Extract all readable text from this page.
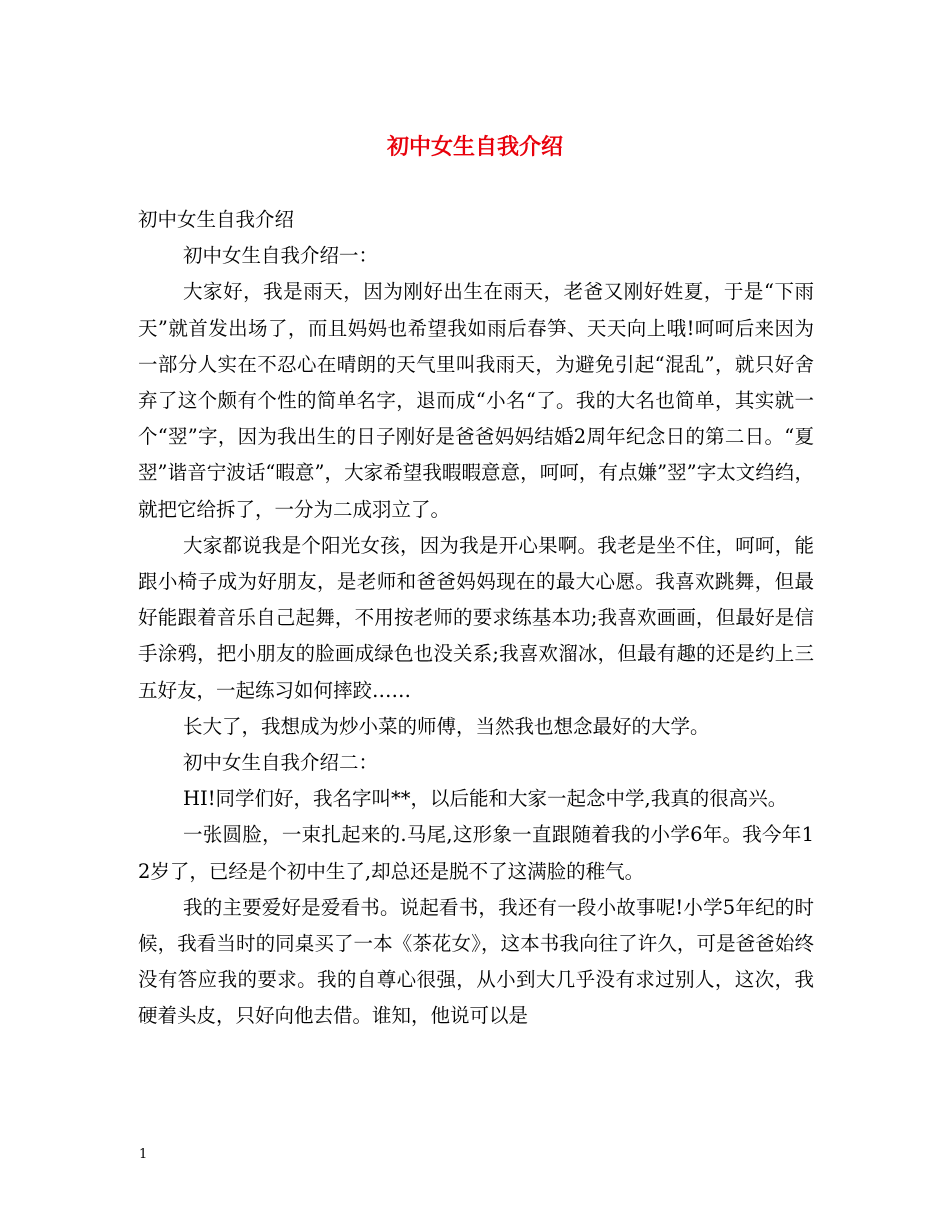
初中女生自我介绍

初中女生自我介绍

初中女生自我介绍一：

大家好，我是雨天，因为刚好出生在雨天，老爸又刚好姓夏，于是“下雨天”就首发出场了，而且妈妈也希望我如雨后春笋、天天向上哦!呵呵后来因为一部分人实在不忍心在晴朗的天气里叫我雨天，为避免引起“混乱”，就只好舍弃了这个颇有个性的简单名字，退而成“小名“了。我的大名也简单，其实就一个“翌”字，因为我出生的日子刚好是爸爸妈妈结婚2周年纪念日的第二日。“夏翌”谐音宁波话“暇意”，大家希望我暇暇意意，呵呵，有点嫌”翌”字太文绉绉，就把它给拆了，一分为二成羽立了。

大家都说我是个阳光女孩，因为我是开心果啊。我老是坐不住，呵呵，能跟小椅子成为好朋友，是老师和爸爸妈妈现在的最大心愿。我喜欢跳舞，但最好能跟着音乐自己起舞，不用按老师的要求练基本功;我喜欢画画，但最好是信手涂鸦，把小朋友的脸画成绿色也没关系;我喜欢溜冰，但最有趣的还是约上三五好友，一起练习如何摔跤……

长大了，我想成为炒小菜的师傅，当然我也想念最好的大学。

初中女生自我介绍二：

HI!同学们好，我名字叫**，以后能和大家一起念中学,我真的很高兴。

一张圆脸，一束扎起来的.马尾,这形象一直跟随着我的小学6年。我今年12岁了，已经是个初中生了,却总还是脱不了这满脸的稚气。

我的主要爱好是爱看书。说起看书，我还有一段小故事呢!小学5年纪的时候，我看当时的同桌买了一本《茶花女》，这本书我向往了许久，可是爸爸始终没有答应我的要求。我的自尊心很强，从小到大几乎没有求过别人，这次，我硬着头皮，只好向他去借。谁知，他说可以是

1
